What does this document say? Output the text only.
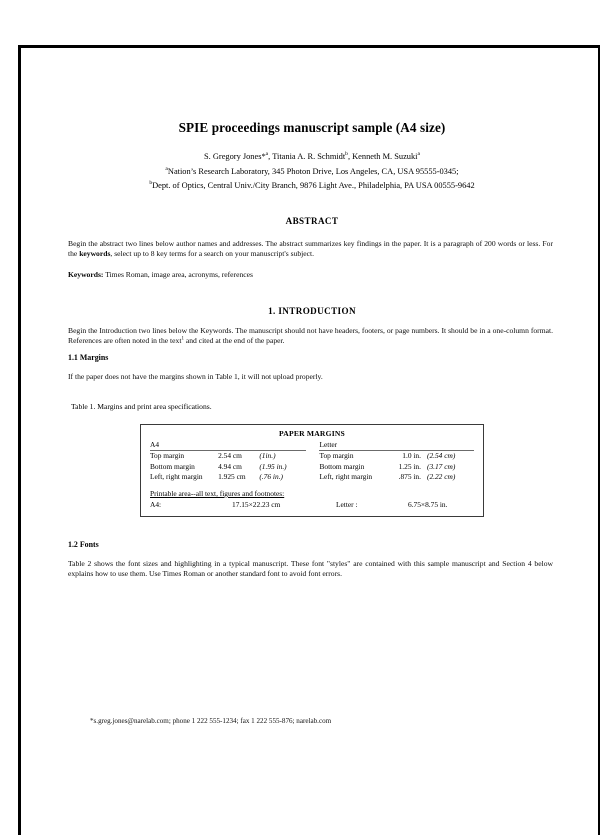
SPIE proceedings manuscript sample (A4 size)
S. Gregory Jones*$^a$, Titania A. R. Schmidt$^b$, Kenneth M. Suzuki$^a$
$^a$Nation’s Research Laboratory, 345 Photon Drive, Los Angeles, CA, USA 95555-0345;
$^b$Dept. of Optics, Central Univ./City Branch, 9876 Light Ave., Philadelphia, PA USA 00555-9642
ABSTRACT
Begin the abstract two lines below author names and addresses. The abstract summarizes key findings in the paper. It is a paragraph of 200 words or less. For the keywords, select up to 8 key terms for a search on your manuscript's subject.
Keywords: Times Roman, image area, acronyms, references
1. INTRODUCTION
Begin the Introduction two lines below the Keywords. The manuscript should not have headers, footers, or page numbers. It should be in a one-column format. References are often noted in the text$^1$ and cited at the end of the paper.
1.1 Margins
If the paper does not have the margins shown in Table 1, it will not upload properly.
Table 1. Margins and print area specifications.
PAPER MARGINS
A4				Letter		
Top margin	2.54 cm	(1in.)		Top margin	1.0 in.	(2.54 cm)
Bottom margin	4.94 cm	(1.95 in.)		Bottom margin	1.25 in.	(3.17 cm)
Left, right margin	1.925 cm	(.76 in.)		Left, right margin	.875 in.	(2.22 cm)
Printable area--all text, figures and footnotes:
A4:	17.15×22.23 cm	Letter :	6.75×8.75 in.
1.2 Fonts
Table 2 shows the font sizes and highlighting in a typical manuscript. These font "styles" are contained with this sample manuscript and Section 4 below explains how to use them. Use Times Roman or another standard font to avoid font errors.
*s.greg.jones@narelab.com; phone 1 222 555-1234; fax 1 222 555-876; narelab.com
